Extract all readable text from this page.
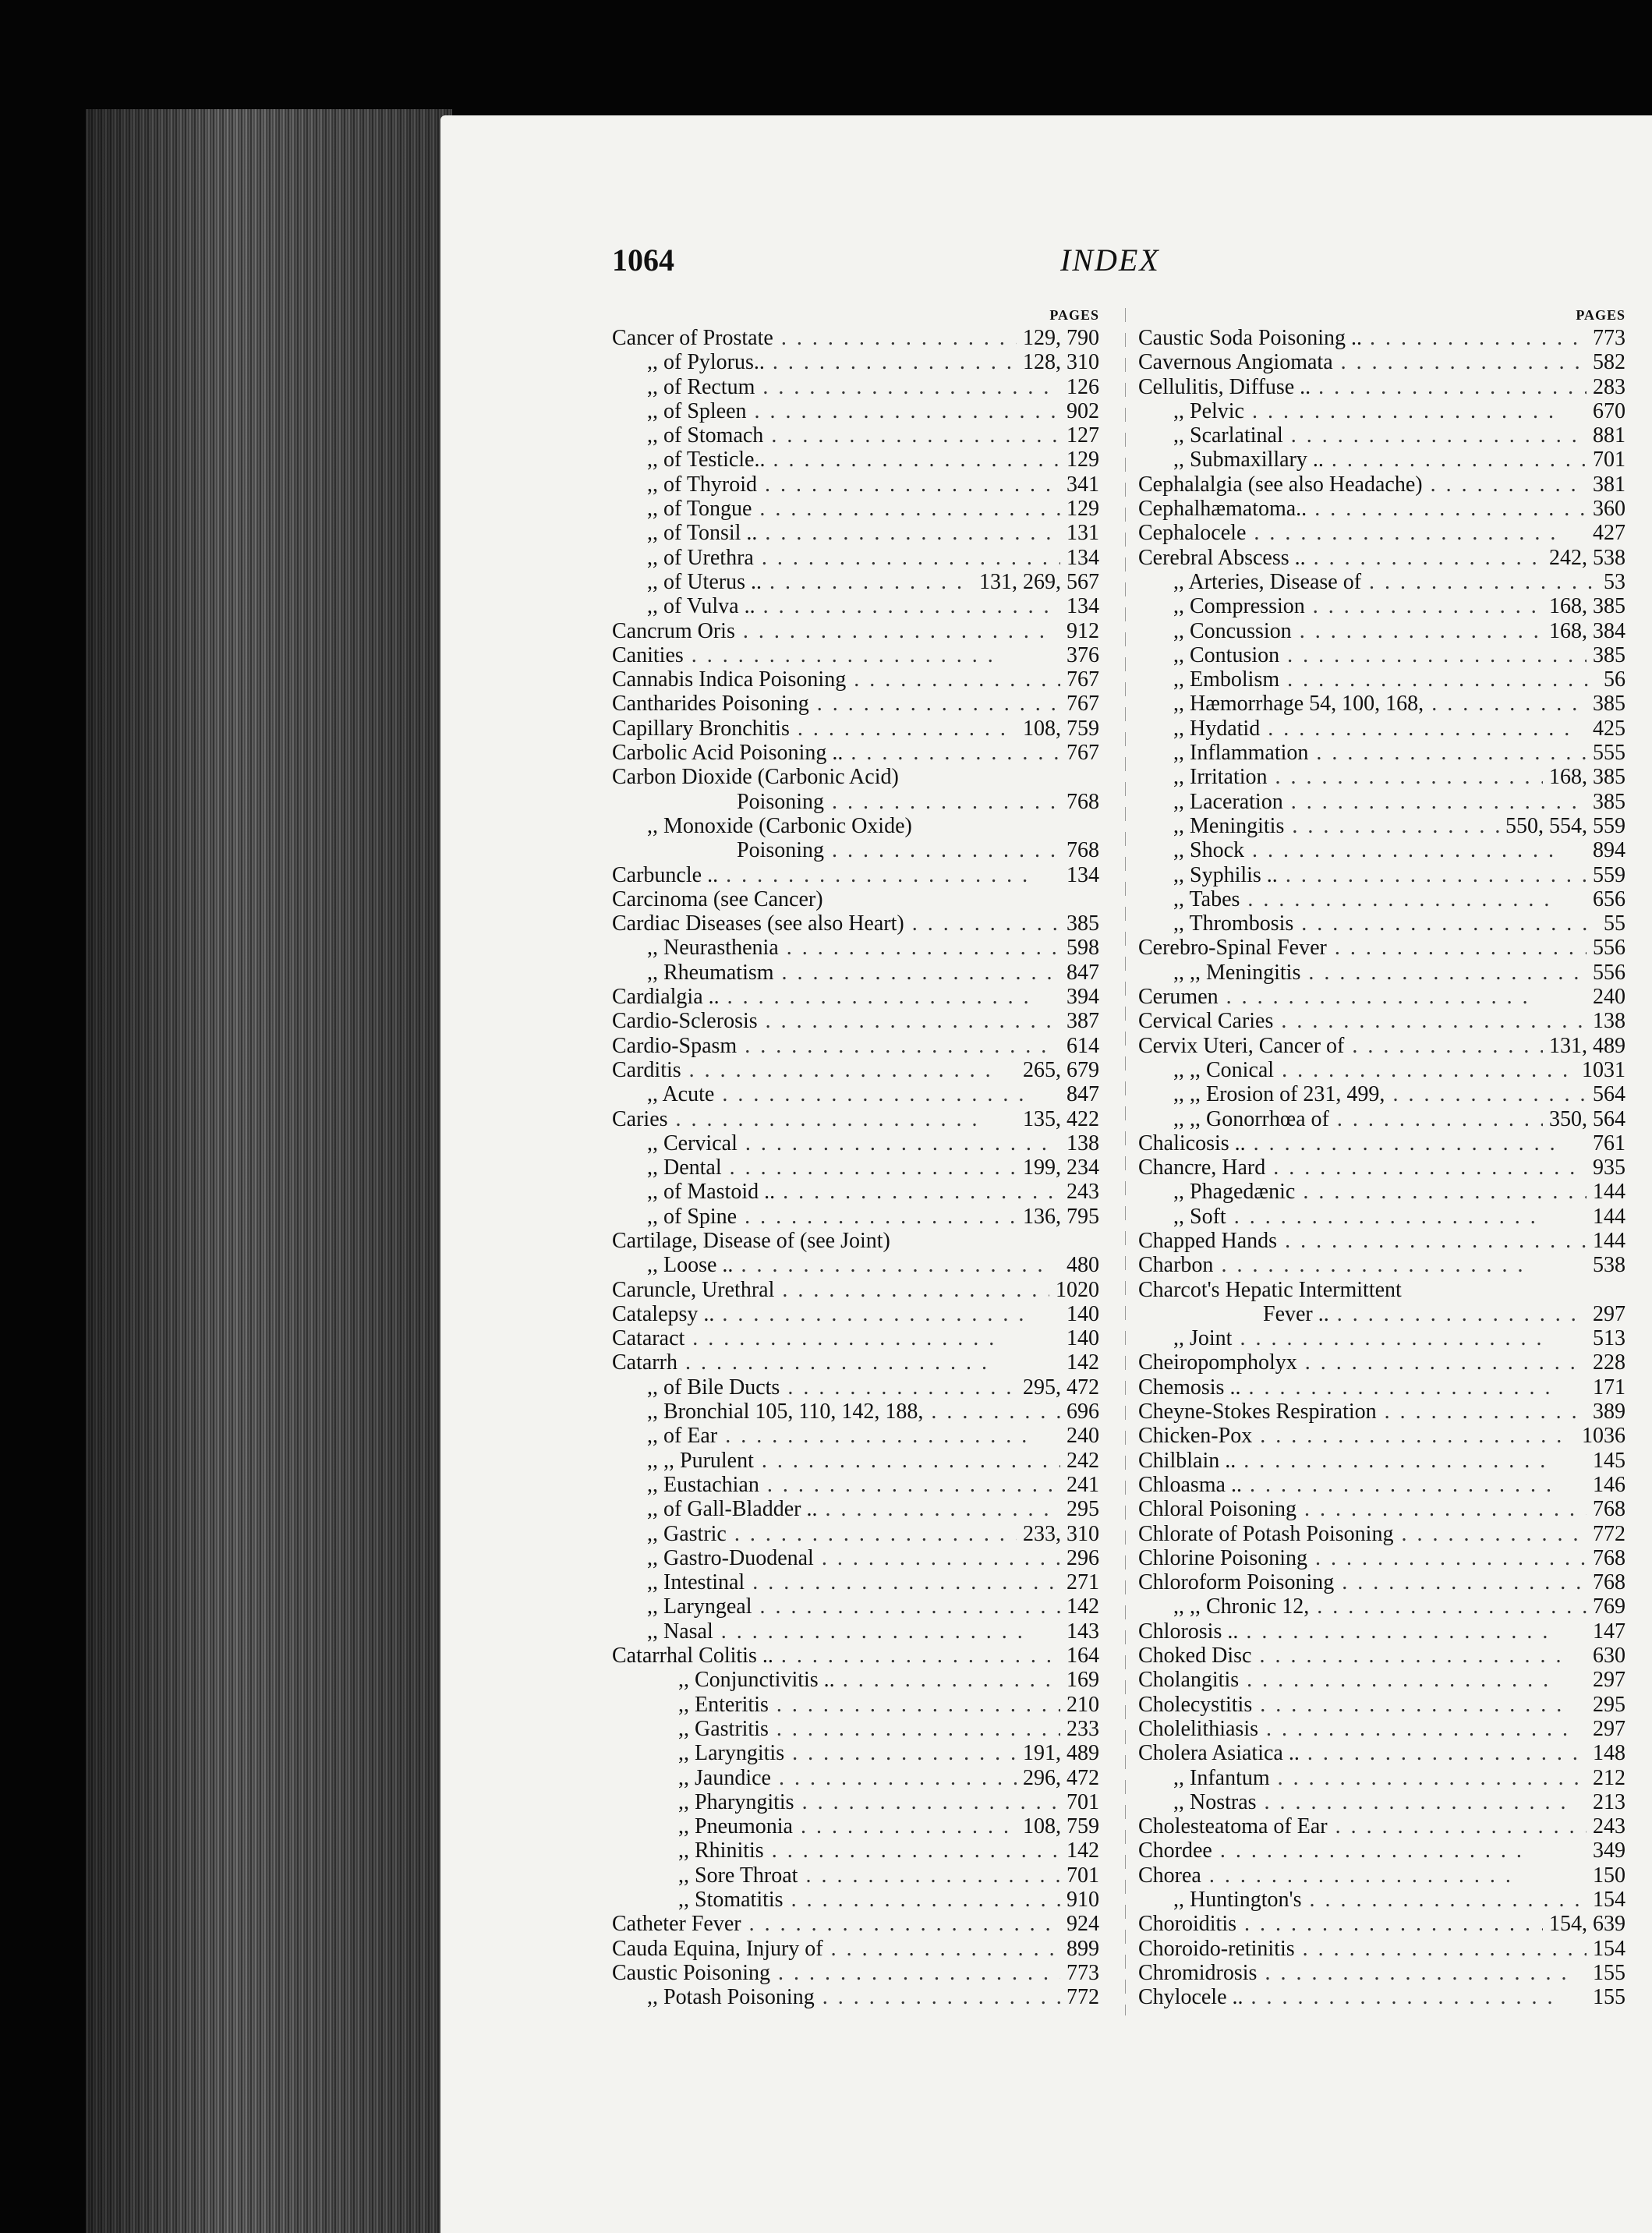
1064	INDEX
PAGES
Cancer of Prostate . .	129, 790
,, of Pylorus.. . .	128, 310
,, of Rectum . .	126
,, of Spleen . .	902
,, of Stomach . .	127
,, of Testicle.. . .	129
,, of Thyroid . .	341
,, of Tongue . .	129
,, of Tonsil .. . .	131
,, of Urethra . .	134
,, of Uterus .. . .	131, 269, 567
,, of Vulva .. . .	134
Cancrum Oris . .	912
Canities . .	376
Cannabis Indica Poisoning . .	767
Cantharides Poisoning . .	767
Capillary Bronchitis . .	108, 759
Carbolic Acid Poisoning .. . .	767
Carbon Dioxide (Carbonic Acid)
Poisoning . .	768
,, Monoxide (Carbonic Oxide)
Poisoning . .	768
Carbuncle .. . .	134
Carcinoma (see Cancer)
Cardiac Diseases (see also Heart) . .	385
,, Neurasthenia . .	598
,, Rheumatism . .	847
Cardialgia .. . .	394
Cardio-Sclerosis . .	387
Cardio-Spasm . .	614
Carditis . .	265, 679
,, Acute . .	847
Caries . .	135, 422
,, Cervical . .	138
,, Dental . .	199, 234
,, of Mastoid .. . .	243
,, of Spine . .	136, 795
Cartilage, Disease of (see Joint)
,, Loose .. . .	480
Caruncle, Urethral . .	1020
Catalepsy .. . .	140
Cataract . .	140
Catarrh . .	142
,, of Bile Ducts . .	295, 472
,, Bronchial 105, 110, 142, 188, . .	696
,, of Ear . .	240
,, ,, Purulent . .	242
,, Eustachian . .	241
,, of Gall-Bladder .. . .	295
,, Gastric . .	233, 310
,, Gastro-Duodenal . .	296
,, Intestinal . .	271
,, Laryngeal . .	142
,, Nasal . .	143
Catarrhal Colitis .. . .	164
,, Conjunctivitis .. . .	169
,, Enteritis . .	210
,, Gastritis . .	233
,, Laryngitis . .	191, 489
,, Jaundice . .	296, 472
,, Pharyngitis . .	701
,, Pneumonia . .	108, 759
,, Rhinitis . .	142
,, Sore Throat . .	701
,, Stomatitis . .	910
Catheter Fever . .	924
Cauda Equina, Injury of . .	899
Caustic Poisoning . .	773
,, Potash Poisoning . .	772
PAGES
Caustic Soda Poisoning .. . .	773
Cavernous Angiomata . .	582
Cellulitis, Diffuse .. . .	283
,, Pelvic . .	670
,, Scarlatinal . .	881
,, Submaxillary .. . .	701
Cephalalgia (see also Headache) . .	381
Cephalhæmatoma.. . .	360
Cephalocele . .	427
Cerebral Abscess .. . .	242, 538
,, Arteries, Disease of . .	53
,, Compression . .	168, 385
,, Concussion . .	168, 384
,, Contusion . .	385
,, Embolism . .	56
,, Hæmorrhage 54, 100, 168, . .	385
,, Hydatid . .	425
,, Inflammation . .	555
,, Irritation . .	168, 385
,, Laceration . .	385
,, Meningitis . .	550, 554, 559
,, Shock . .	894
,, Syphilis .. . .	559
,, Tabes . .	656
,, Thrombosis . .	55
Cerebro-Spinal Fever . .	556
,, ,, Meningitis . .	556
Cerumen . .	240
Cervical Caries . .	138
Cervix Uteri, Cancer of . .	131, 489
,, ,, Conical . .	1031
,, ,, Erosion of 231, 499, . .	564
,, ,, Gonorrhœa of . .	350, 564
Chalicosis .. . .	761
Chancre, Hard . .	935
,, Phagedænic . .	144
,, Soft . .	144
Chapped Hands . .	144
Charbon . .	538
Charcot's Hepatic Intermittent
Fever .. . .	297
,, Joint . .	513
Cheiropompholyx . .	228
Chemosis .. . .	171
Cheyne-Stokes Respiration . .	389
Chicken-Pox . .	1036
Chilblain .. . .	145
Chloasma .. . .	146
Chloral Poisoning . .	768
Chlorate of Potash Poisoning . .	772
Chlorine Poisoning . .	768
Chloroform Poisoning . .	768
,, ,, Chronic 12, . .	769
Chlorosis .. . .	147
Choked Disc . .	630
Cholangitis . .	297
Cholecystitis . .	295
Cholelithiasis . .	297
Cholera Asiatica .. . .	148
,, Infantum . .	212
,, Nostras . .	213
Cholesteatoma of Ear . .	243
Chordee . .	349
Chorea . .	150
,, Huntington's . .	154
Choroiditis . .	154, 639
Choroido-retinitis . .	154
Chromidrosis . .	155
Chylocele .. . .	155
